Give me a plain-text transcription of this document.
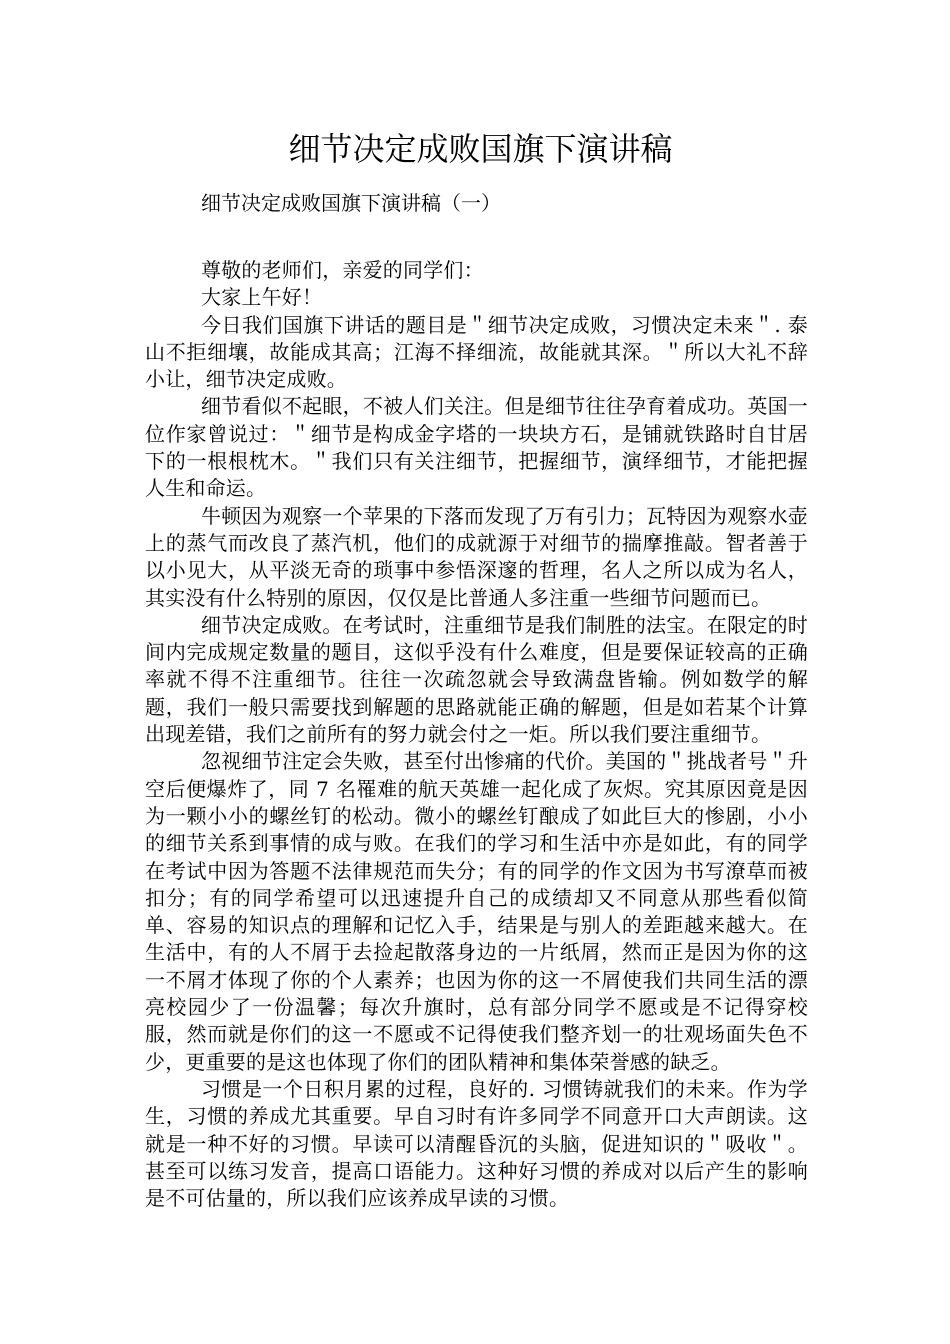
细节决定成败国旗下演讲稿

细节决定成败国旗下演讲稿（一）

尊敬的老师们，亲爱的同学们：

大家上午好！

今日我们国旗下讲话的题目是＂细节决定成败，习惯决定未来＂. 泰山不拒细壤，故能成其高；江海不择细流，故能就其深。＂所以大礼不辞小让，细节决定成败。

细节看似不起眼，不被人们关注。但是细节往往孕育着成功。英国一位作家曾说过：＂细节是构成金字塔的一块块方石，是铺就铁路时自甘居下的一根根枕木。＂我们只有关注细节，把握细节，演绎细节，才能把握人生和命运。

牛顿因为观察一个苹果的下落而发现了万有引力；瓦特因为观察水壶上的蒸气而改良了蒸汽机，他们的成就源于对细节的揣摩推敲。智者善于以小见大，从平淡无奇的琐事中参悟深邃的哲理，名人之所以成为名人，其实没有什么特别的原因，仅仅是比普通人多注重一些细节问题而已。

细节决定成败。在考试时，注重细节是我们制胜的法宝。在限定的时间内完成规定数量的题目，这似乎没有什么难度，但是要保证较高的正确率就不得不注重细节。往往一次疏忽就会导致满盘皆输。例如数学的解题，我们一般只需要找到解题的思路就能正确的解题，但是如若某个计算出现差错，我们之前所有的努力就会付之一炬。所以我们要注重细节。

忽视细节注定会失败，甚至付出惨痛的代价。美国的＂挑战者号＂升空后便爆炸了，同 7 名罹难的航天英雄一起化成了灰烬。究其原因竟是因为一颗小小的螺丝钉的松动。微小的螺丝钉酿成了如此巨大的惨剧，小小的细节关系到事情的成与败。在我们的学习和生活中亦是如此，有的同学在考试中因为答题不法律规范而失分；有的同学的作文因为书写潦草而被扣分；有的同学希望可以迅速提升自己的成绩却又不同意从那些看似简单、容易的知识点的理解和记忆入手，结果是与别人的差距越来越大。在生活中，有的人不屑于去捡起散落身边的一片纸屑，然而正是因为你的这一不屑才体现了你的个人素养；也因为你的这一不屑使我们共同生活的漂亮校园少了一份温馨；每次升旗时，总有部分同学不愿或是不记得穿校服，然而就是你们的这一不愿或不记得使我们整齐划一的壮观场面失色不少，更重要的是这也体现了你们的团队精神和集体荣誉感的缺乏。

习惯是一个日积月累的过程，良好的. 习惯铸就我们的未来。作为学生，习惯的养成尤其重要。早自习时有许多同学不同意开口大声朗读。这就是一种不好的习惯。早读可以清醒昏沉的头脑，促进知识的＂吸收＂。甚至可以练习发音，提高口语能力。这种好习惯的养成对以后产生的影响是不可估量的，所以我们应该养成早读的习惯。
